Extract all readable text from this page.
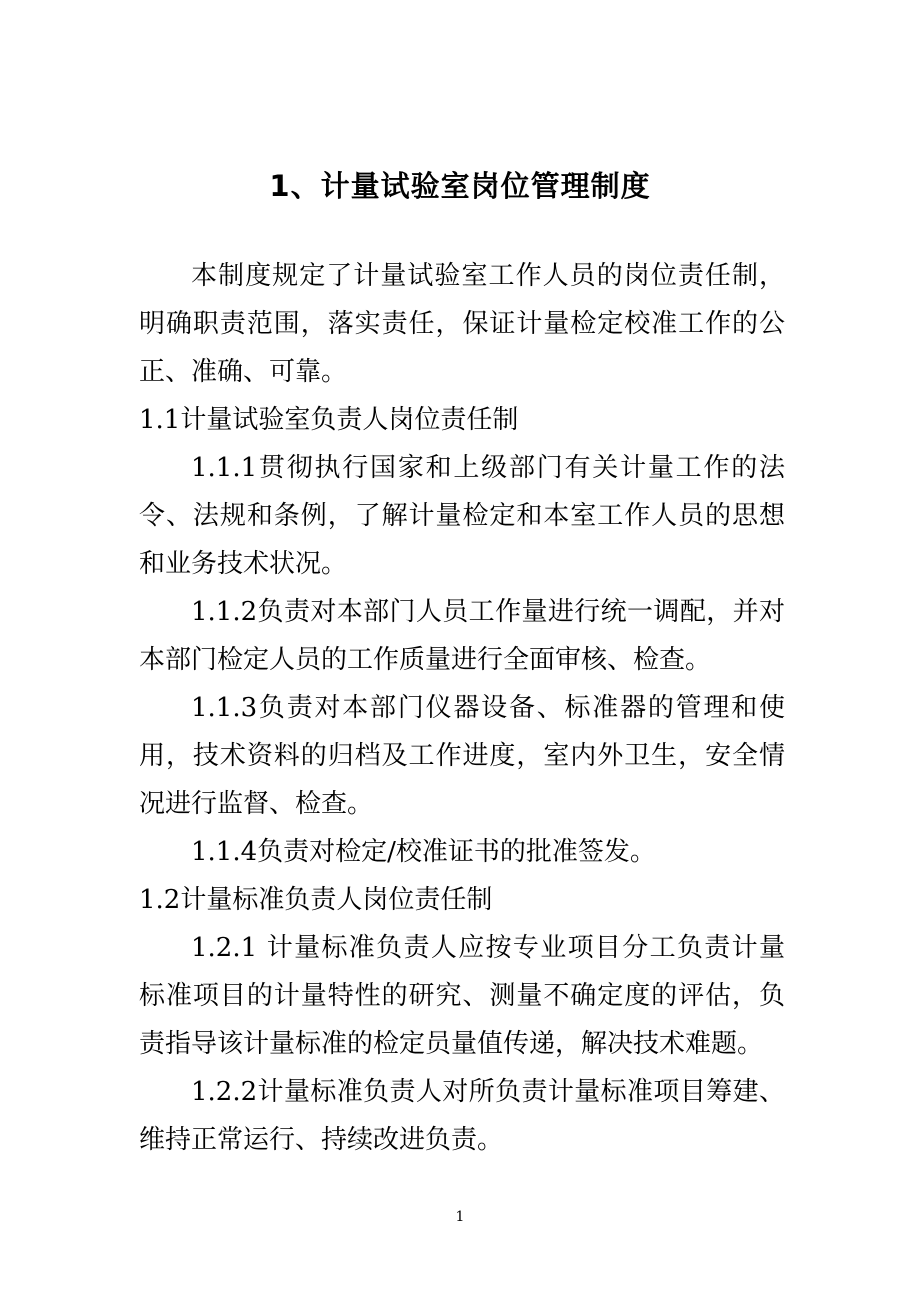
1、计量试验室岗位管理制度

本制度规定了计量试验室工作人员的岗位责任制，明确职责范围，落实责任，保证计量检定校准工作的公正、准确、可靠。

1.1计量试验室负责人岗位责任制

1.1.1贯彻执行国家和上级部门有关计量工作的法令、法规和条例，了解计量检定和本室工作人员的思想和业务技术状况。

1.1.2负责对本部门人员工作量进行统一调配，并对本部门检定人员的工作质量进行全面审核、检查。

1.1.3负责对本部门仪器设备、标准器的管理和使用，技术资料的归档及工作进度，室内外卫生，安全情况进行监督、检查。

1.1.4负责对检定/校准证书的批准签发。

1.2计量标准负责人岗位责任制

1.2.1 计量标准负责人应按专业项目分工负责计量标准项目的计量特性的研究、测量不确定度的评估，负责指导该计量标准的检定员量值传递，解决技术难题。

1.2.2计量标准负责人对所负责计量标准项目筹建、维持正常运行、持续改进负责。

1
